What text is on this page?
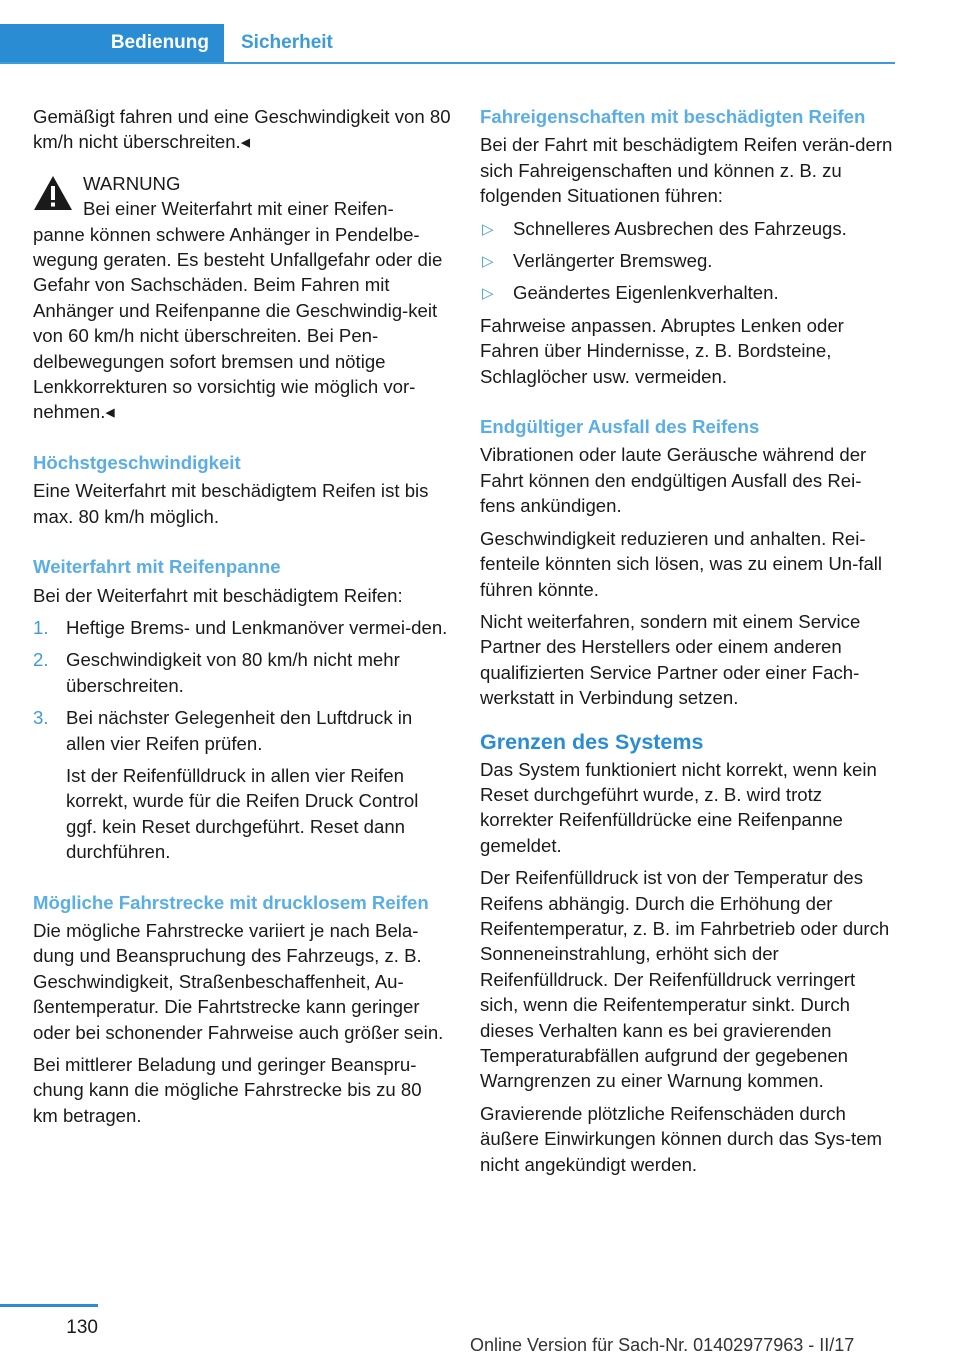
Bedienung	Sicherheit

Gemäßigt fahren und eine Geschwindigkeit von 80 km/h nicht überschreiten.◂

WARNUNG
Bei einer Weiterfahrt mit einer Reifen-
panne können schwere Anhänger in Pendelbe-wegung geraten. Es besteht Unfallgefahr oder die Gefahr von Sachschäden. Beim Fahren mit Anhänger und Reifenpanne die Geschwindig-keit von 60 km/h nicht überschreiten. Bei Pen-delbewegungen sofort bremsen und nötige Lenkkorrekturen so vorsichtig wie möglich vor-nehmen.◂
Höchstgeschwindigkeit

Eine Weiterfahrt mit beschädigtem Reifen ist bis max. 80 km/h möglich.

Weiterfahrt mit Reifenpanne

Bei der Weiterfahrt mit beschädigtem Reifen:

1. Heftige Brems- und Lenkmanöver vermei-den.
2. Geschwindigkeit von 80 km/h nicht mehr überschreiten.
3. Bei nächster Gelegenheit den Luftdruck in allen vier Reifen prüfen.
Ist der Reifenfülldruck in allen vier Reifen korrekt, wurde für die Reifen Druck Control ggf. kein Reset durchgeführt. Reset dann durchführen.
Mögliche Fahrstrecke mit drucklosem Reifen

Die mögliche Fahrstrecke variiert je nach Bela-dung und Beanspruchung des Fahrzeugs, z. B. Geschwindigkeit, Straßenbeschaffenheit, Au-ßentemperatur. Die Fahrtstrecke kann geringer oder bei schonender Fahrweise auch größer sein.

Bei mittlerer Beladung und geringer Beanspru-chung kann die mögliche Fahrstrecke bis zu 80 km betragen.

Fahreigenschaften mit beschädigten Reifen

Bei der Fahrt mit beschädigtem Reifen verän-dern sich Fahreigenschaften und können z. B. zu folgenden Situationen führen:

▷ Schnelleres Ausbrechen des Fahrzeugs.
▷ Verlängerter Bremsweg.
▷ Geändertes Eigenlenkverhalten.

Fahrweise anpassen. Abruptes Lenken oder Fahren über Hindernisse, z. B. Bordsteine, Schlaglöcher usw. vermeiden.

Endgültiger Ausfall des Reifens

Vibrationen oder laute Geräusche während der Fahrt können den endgültigen Ausfall des Rei-fens ankündigen.

Geschwindigkeit reduzieren und anhalten. Rei-fenteile könnten sich lösen, was zu einem Un-fall führen könnte.

Nicht weiterfahren, sondern mit einem Service Partner des Herstellers oder einem anderen qualifizierten Service Partner oder einer Fach-werkstatt in Verbindung setzen.

Grenzen des Systems

Das System funktioniert nicht korrekt, wenn kein Reset durchgeführt wurde, z. B. wird trotz korrekter Reifenfülldrücke eine Reifenpanne gemeldet.

Der Reifenfülldruck ist von der Temperatur des Reifens abhängig. Durch die Erhöhung der Reifentemperatur, z. B. im Fahrbetrieb oder durch Sonneneinstrahlung, erhöht sich der Reifenfülldruck. Der Reifenfülldruck verringert sich, wenn die Reifentemperatur sinkt. Durch dieses Verhalten kann es bei gravierenden Temperaturabfällen aufgrund der gegebenen Warngrenzen zu einer Warnung kommen.

Gravierende plötzliche Reifenschäden durch äußere Einwirkungen können durch das Sys-tem nicht angekündigt werden.

130
Online Version für Sach-Nr. 01402977963 - II/17
